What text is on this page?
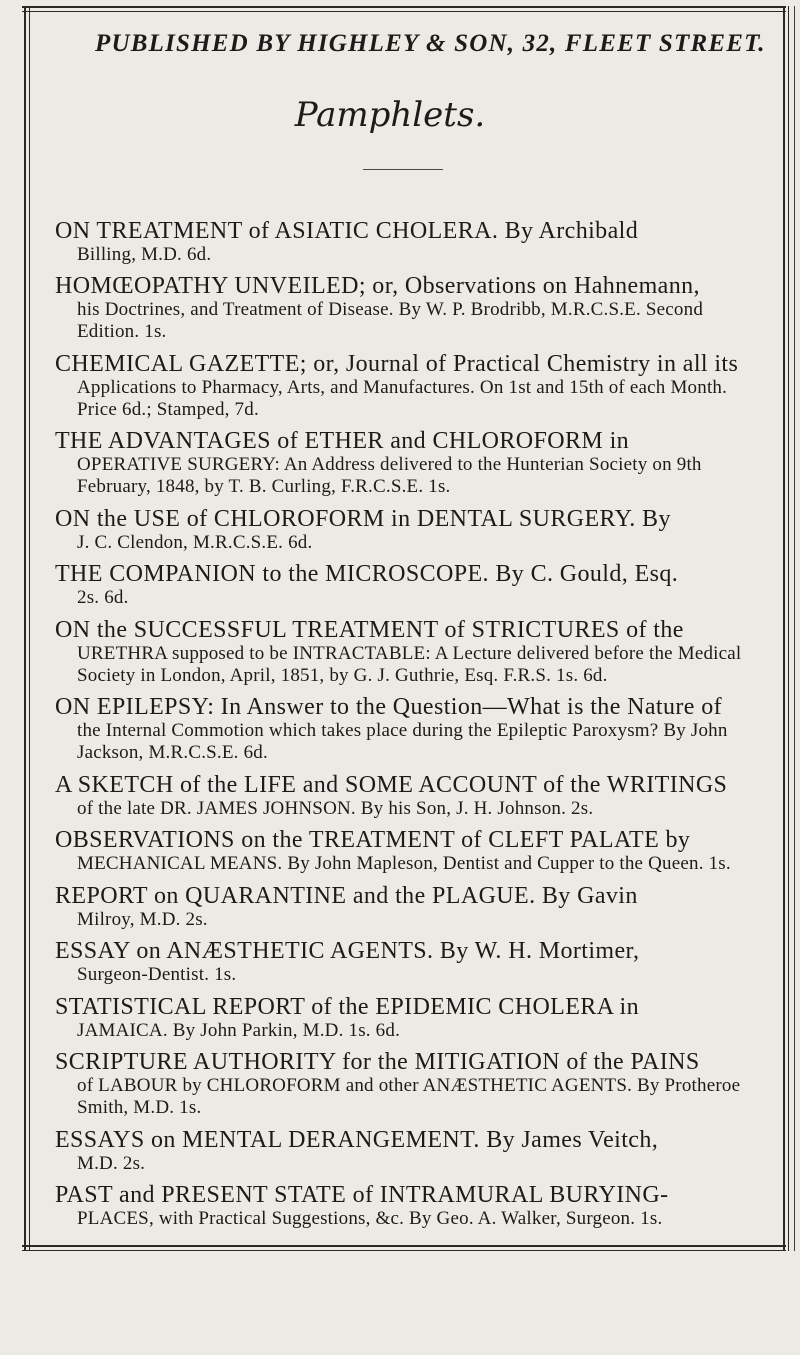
PUBLISHED BY HIGHLEY & SON, 32, FLEET STREET.
Pamphlets.
ON TREATMENT of ASIATIC CHOLERA. By Archibald
Billing, M.D. 6d.
HOMŒOPATHY UNVEILED; or, Observations on Hahnemann,
his Doctrines, and Treatment of Disease. By W. P. Brodribb, M.R.C.S.E. Second Edition. 1s.
CHEMICAL GAZETTE; or, Journal of Practical Chemistry in all its
Applications to Pharmacy, Arts, and Manufactures. On 1st and 15th of each Month. Price 6d.; Stamped, 7d.
THE ADVANTAGES of ETHER and CHLOROFORM in
OPERATIVE SURGERY: An Address delivered to the Hunterian Society on 9th February, 1848, by T. B. Curling, F.R.C.S.E. 1s.
ON the USE of CHLOROFORM in DENTAL SURGERY. By
J. C. Clendon, M.R.C.S.E. 6d.
THE COMPANION to the MICROSCOPE. By C. Gould, Esq.
2s. 6d.
ON the SUCCESSFUL TREATMENT of STRICTURES of the
URETHRA supposed to be INTRACTABLE: A Lecture delivered before the Medical Society in London, April, 1851, by G. J. Guthrie, Esq. F.R.S. 1s. 6d.
ON EPILEPSY: In Answer to the Question—What is the Nature of
the Internal Commotion which takes place during the Epileptic Paroxysm? By John Jackson, M.R.C.S.E. 6d.
A SKETCH of the LIFE and SOME ACCOUNT of the WRITINGS
of the late DR. JAMES JOHNSON. By his Son, J. H. Johnson. 2s.
OBSERVATIONS on the TREATMENT of CLEFT PALATE by
MECHANICAL MEANS. By John Mapleson, Dentist and Cupper to the Queen. 1s.
REPORT on QUARANTINE and the PLAGUE. By Gavin
Milroy, M.D. 2s.
ESSAY on ANÆSTHETIC AGENTS. By W. H. Mortimer,
Surgeon-Dentist. 1s.
STATISTICAL REPORT of the EPIDEMIC CHOLERA in
JAMAICA. By John Parkin, M.D. 1s. 6d.
SCRIPTURE AUTHORITY for the MITIGATION of the PAINS
of LABOUR by CHLOROFORM and other ANÆSTHETIC AGENTS. By Protheroe Smith, M.D. 1s.
ESSAYS on MENTAL DERANGEMENT. By James Veitch,
M.D. 2s.
PAST and PRESENT STATE of INTRAMURAL BURYING-
PLACES, with Practical Suggestions, &c. By Geo. A. Walker, Surgeon. 1s.
